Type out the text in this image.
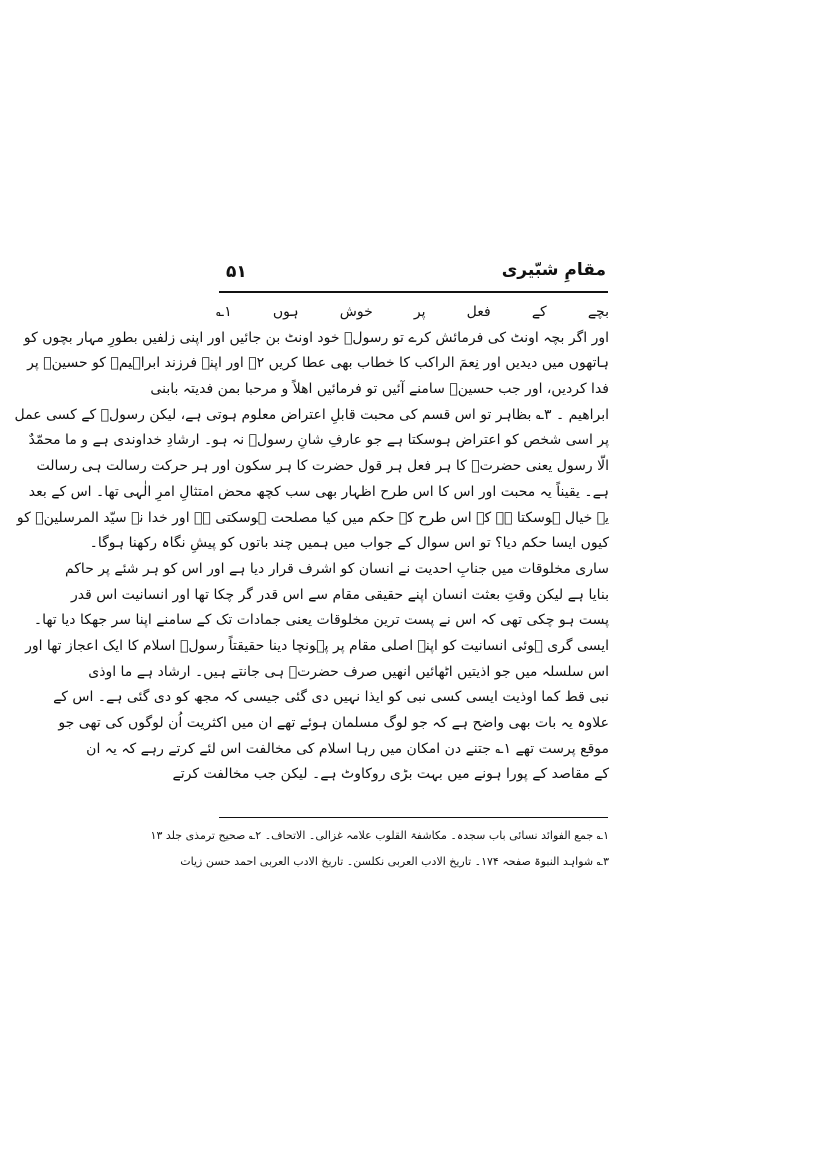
۵۱	مقامِ شبّیری
بچے کے فعل پر خوش ہوں ۱؎
اور اگر بچہ اونٹ کی فرمائش کرے تو رسولؐ خود اونٹ بن جائیں اور اپنی زلفیں بطورِ مہار بچوں کو
ہاتھوں میں دیدیں اور نِعمَ الراکب کا خطاب بھی عطا کریں ۲؎ اور اپنے فرزند ابراہیمؑ کو حسینؑ پر
فدا کردیں، اور جب حسینؑ سامنے آئیں تو فرمائیں اھلاً و مرحبا بمن فدیتہ بابنی
ابراھیم ۔ ۳؎ بظاہر تو اس قسم کی محبت قابلِ اعتراض معلوم ہوتی ہے، لیکن رسولؐ کے کسی عمل
پر اسی شخص کو اعتراض ہوسکتا ہے جو عارفِ شانِ رسولؐ نہ ہو۔ ارشادِ خداوندی ہے و ما محمّدٌ
الّا رسول یعنی حضرتؐ کا ہر فعل ہر قول حضرت کا ہر سکون اور ہر حرکت رسالت ہی رسالت
ہے۔ یقیناً یہ محبت اور اس کا اس طرح اظہار بھی سب کچھ محض امتثالِ امرِ الٰہی تھا۔ اس کے بعد
یہ خیال ہوسکتا ہے کہ اس طرح کے حکم میں کیا مصلحت ہوسکتی ہے اور خدا نے سیّد المرسلینؐ کو
کیوں ایسا حکم دیا؟ تو اس سوال کے جواب میں ہمیں چند باتوں کو پیشِ نگاہ رکھنا ہوگا۔
ساری مخلوقات میں جنابِ احدیت نے انسان کو اشرف قرار دیا ہے اور اس کو ہر شئے پر حاکم
بنایا ہے لیکن وقتِ بعثت انسان اپنے حقیقی مقام سے اس قدر گر چکا تھا اور انسانیت اس قدر
پست ہو چکی تھی کہ اس نے پست ترین مخلوقات یعنی جمادات تک کے سامنے اپنا سر جھکا دیا تھا۔
ایسی گری ہوئی انسانیت کو اپنے اصلی مقام پر پہونچا دینا حقیقتاً رسولؐ اسلام کا ایک اعجاز تھا اور
اس سلسلہ میں جو اذیتیں اٹھائیں انھیں صرف حضرتؐ ہی جانتے ہیں۔ ارشاد ہے ما اوذی
نبی قط کما اوذیت ایسی کسی نبی کو ایذا نہیں دی گئی جیسی کہ مجھ کو دی گئی ہے۔ اس کے
علاوہ یہ بات بھی واضح ہے کہ جو لوگ مسلمان ہوئے تھے ان میں اکثریت اُن لوگوں کی تھی جو
موقع پرست تھے ۱؎ جتنے دن امکان میں رہا اسلام کی مخالفت اس لئے کرتے رہے کہ یہ ان
کے مقاصد کے پورا ہونے میں بہت بڑی روکاوٹ ہے۔ لیکن جب مخالفت کرتے
۱؎ جمع الفوائد نسائی باب سجدہ۔ مکاشفۃ القلوب علامہ غزالی۔ الاتحاف۔ ۲؎ صحیح ترمذی جلد ۱۳
۳؎ شواہد النبوۃ صفحہ ۱۷۴۔ تاریخ الادب العربی نکلسن۔ تاریخ الادب العربی احمد حسن زیات
